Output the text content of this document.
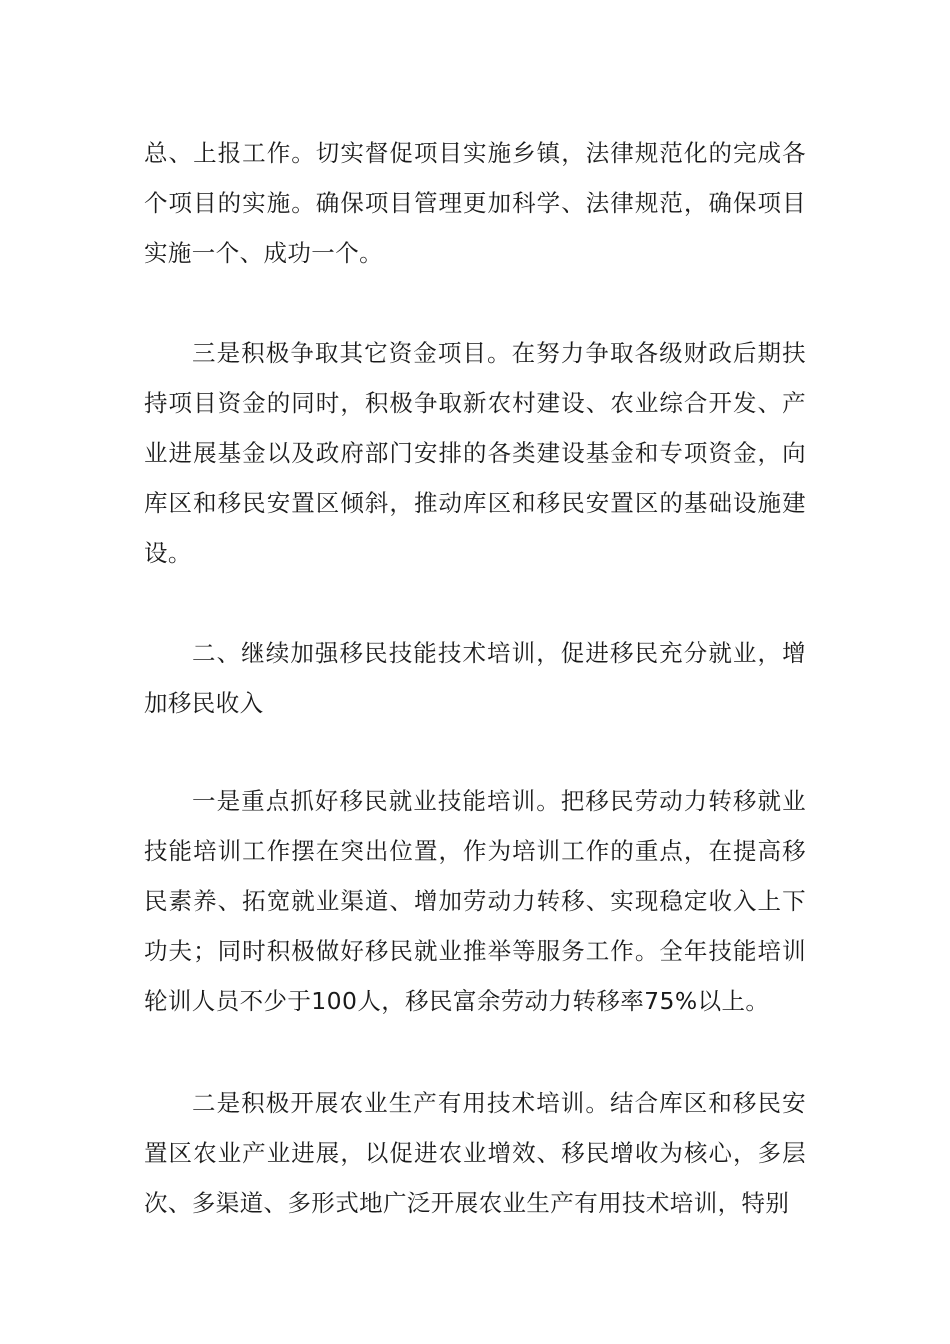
总、上报工作。切实督促项目实施乡镇，法律规范化的完成各个项目的实施。确保项目管理更加科学、法律规范，确保项目实施一个、成功一个。

三是积极争取其它资金项目。在努力争取各级财政后期扶持项目资金的同时，积极争取新农村建设、农业综合开发、产业进展基金以及政府部门安排的各类建设基金和专项资金，向库区和移民安置区倾斜，推动库区和移民安置区的基础设施建设。

二、继续加强移民技能技术培训，促进移民充分就业，增加移民收入

一是重点抓好移民就业技能培训。把移民劳动力转移就业技能培训工作摆在突出位置，作为培训工作的重点，在提高移民素养、拓宽就业渠道、增加劳动力转移、实现稳定收入上下功夫；同时积极做好移民就业推举等服务工作。全年技能培训轮训人员不少于100人，移民富余劳动力转移率75%以上。

二是积极开展农业生产有用技术培训。结合库区和移民安置区农业产业进展，以促进农业增效、移民增收为核心，多层次、多渠道、多形式地广泛开展农业生产有用技术培训，特别
